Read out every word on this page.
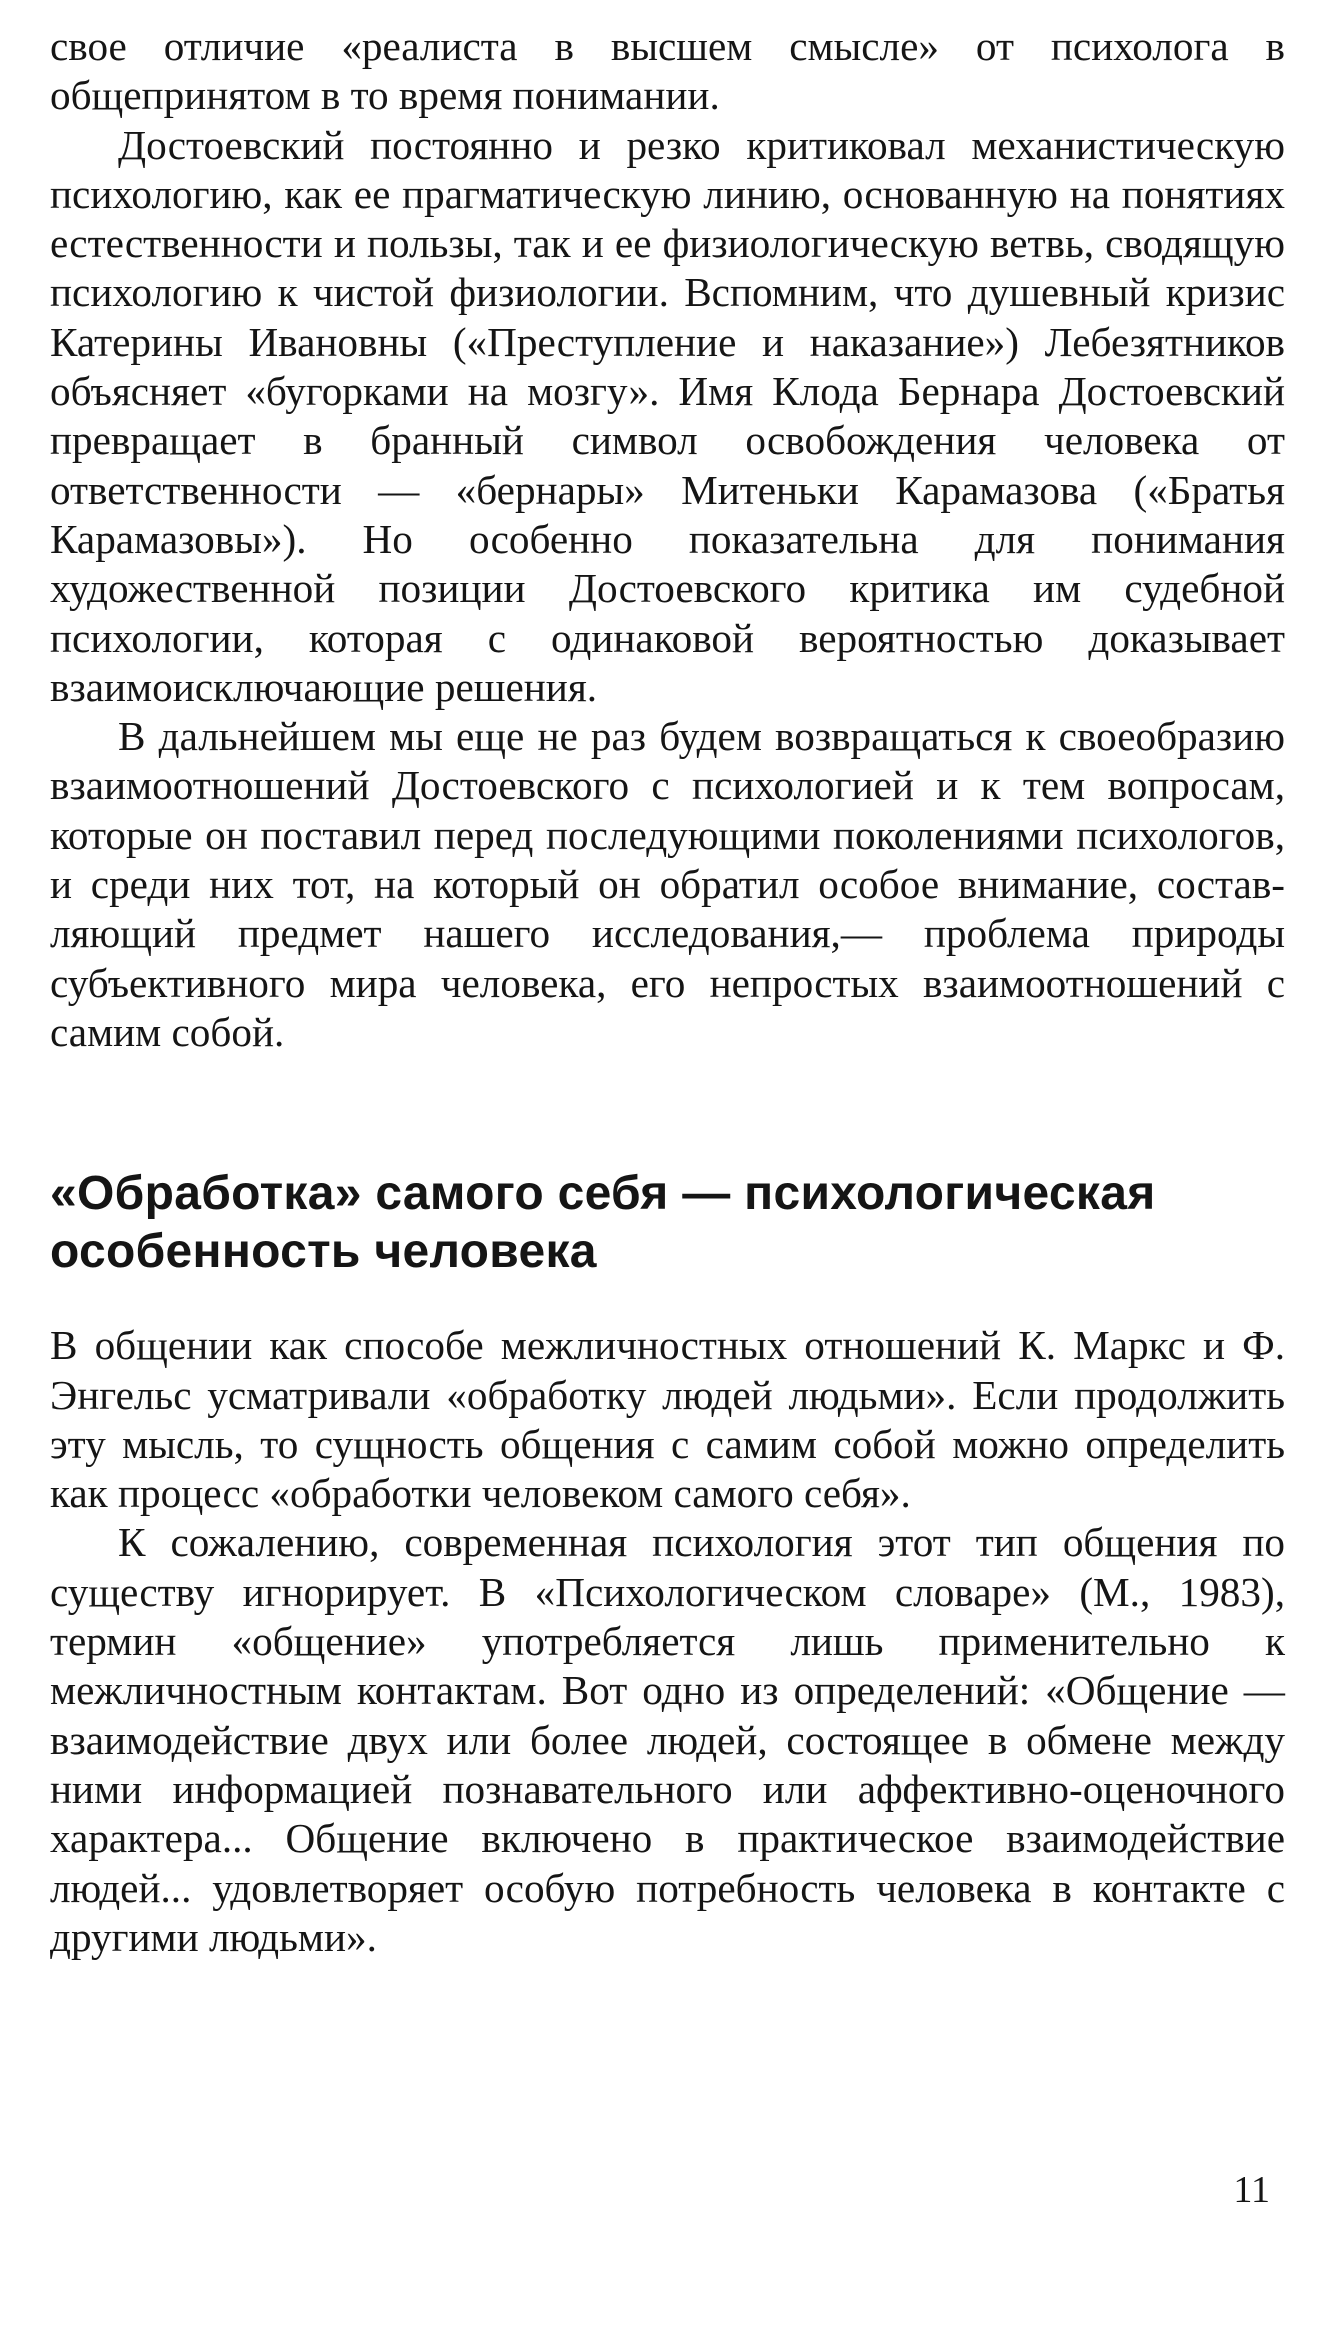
свое отличие «реалиста в высшем смысле» от психолога в общепринятом в то время понимании.

Достоевский постоянно и резко критиковал механистическую психологию, как ее прагматическую линию, основанную на понятиях естественности и пользы, так и ее физиологическую ветвь, сводящую психологию к чистой физиологии. Вспомним, что душевный кризис Катерины Ивановны («Преступление и наказание») Лебезятников объясняет «бугорками на мозгу». Имя Клода Бернара Достоевский превращает в бранный символ освобождения человека от ответственности — «бернары» Митеньки Карамазова («Братья Карамазовы»). Но особенно показательна для понимания художественной позиции Достоевского критика им судебной психологии, которая с одинаковой вероятностью доказывает взаимоисключающие решения.

В дальнейшем мы еще не раз будем возвращаться к своеобразию взаимоотношений Достоевского с психологией и к тем вопросам, которые он поставил перед последующими поколениями психологов, и среди них тот, на который он обратил особое внимание, составляющий предмет нашего исследования,— проблема природы субъективного мира человека, его непростых взаимоотношений с самим собой.

«Обработка» самого себя — психологическая особенность человека

В общении как способе межличностных отношений К. Маркс и Ф. Энгельс усматривали «обработку людей людьми». Если продолжить эту мысль, то сущность общения с самим собой можно определить как процесс «обработки человеком самого себя».

К сожалению, современная психология этот тип общения по существу игнорирует. В «Психологическом словаре» (М., 1983), термин «общение» употребляется лишь применительно к межличностным контактам. Вот одно из определений: «Общение — взаимодействие двух или более людей, состоящее в обмене между ними информацией познавательного или аффективно-оценочного характера... Общение включено в практическое взаимодействие людей... удовлетворяет особую потребность человека в контакте с другими людьми».

11
